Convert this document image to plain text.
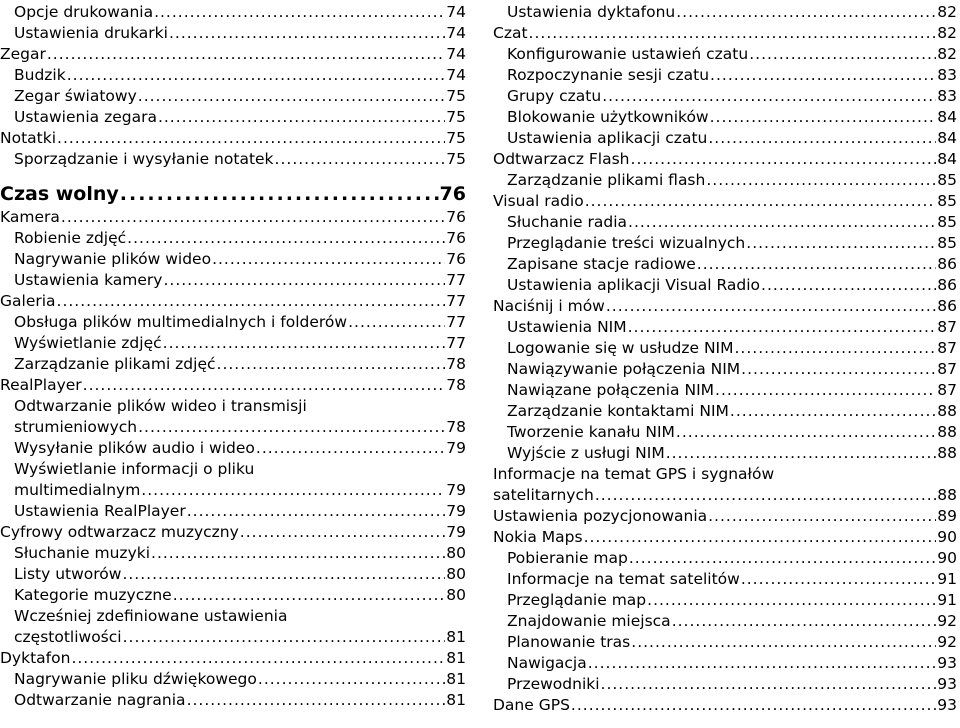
Opcje drukowania .....	74
Ustawienia drukarki .....	74
Zegar .....	74
Budzik .....	74
Zegar światowy .....	75
Ustawienia zegara .....	75
Notatki .....	75
Sporządzanie i wysyłanie notatek .....	75
Czas wolny .....	76
Kamera .....	76
Robienie zdjęć .....	76
Nagrywanie plików wideo .....	76
Ustawienia kamery .....	77
Galeria .....	77
Obsługa plików multimedialnych i folderów .....	77
Wyświetlanie zdjęć .....	77
Zarządzanie plikami zdjęć .....	78
RealPlayer .....	78
Odtwarzanie plików wideo i transmisji
strumieniowych .....	78
Wysyłanie plików audio i wideo .....	79
Wyświetlanie informacji o pliku
multimedialnym .....	79
Ustawienia RealPlayer .....	79
Cyfrowy odtwarzacz muzyczny .....	79
Słuchanie muzyki .....	80
Listy utworów .....	80
Kategorie muzyczne .....	80
Wcześniej zdefiniowane ustawienia
częstotliwości .....	81
Dyktafon .....	81
Nagrywanie pliku dźwiękowego .....	81
Odtwarzanie nagrania .....	81
Ustawienia dyktafonu .....	82
Czat .....	82
Konfigurowanie ustawień czatu .....	82
Rozpoczynanie sesji czatu .....	83
Grupy czatu .....	83
Blokowanie użytkowników .....	84
Ustawienia aplikacji czatu .....	84
Odtwarzacz Flash .....	84
Zarządzanie plikami flash .....	85
Visual radio .....	85
Słuchanie radia .....	85
Przeglądanie treści wizualnych .....	85
Zapisane stacje radiowe .....	86
Ustawienia aplikacji Visual Radio .....	86
Naciśnij i mów .....	86
Ustawienia NIM .....	87
Logowanie się w usłudze NIM .....	87
Nawiązywanie połączenia NIM .....	87
Nawiązane połączenia NIM .....	87
Zarządzanie kontaktami NIM .....	88
Tworzenie kanału NIM .....	88
Wyjście z usługi NIM .....	88
Informacje na temat GPS i sygnałów
satelitarnych .....	88
Ustawienia pozycjonowania .....	89
Nokia Maps .....	90
Pobieranie map .....	90
Informacje na temat satelitów .....	91
Przeglądanie map .....	91
Znajdowanie miejsca .....	92
Planowanie tras .....	92
Nawigacja .....	93
Przewodniki .....	93
Dane GPS .....	93
